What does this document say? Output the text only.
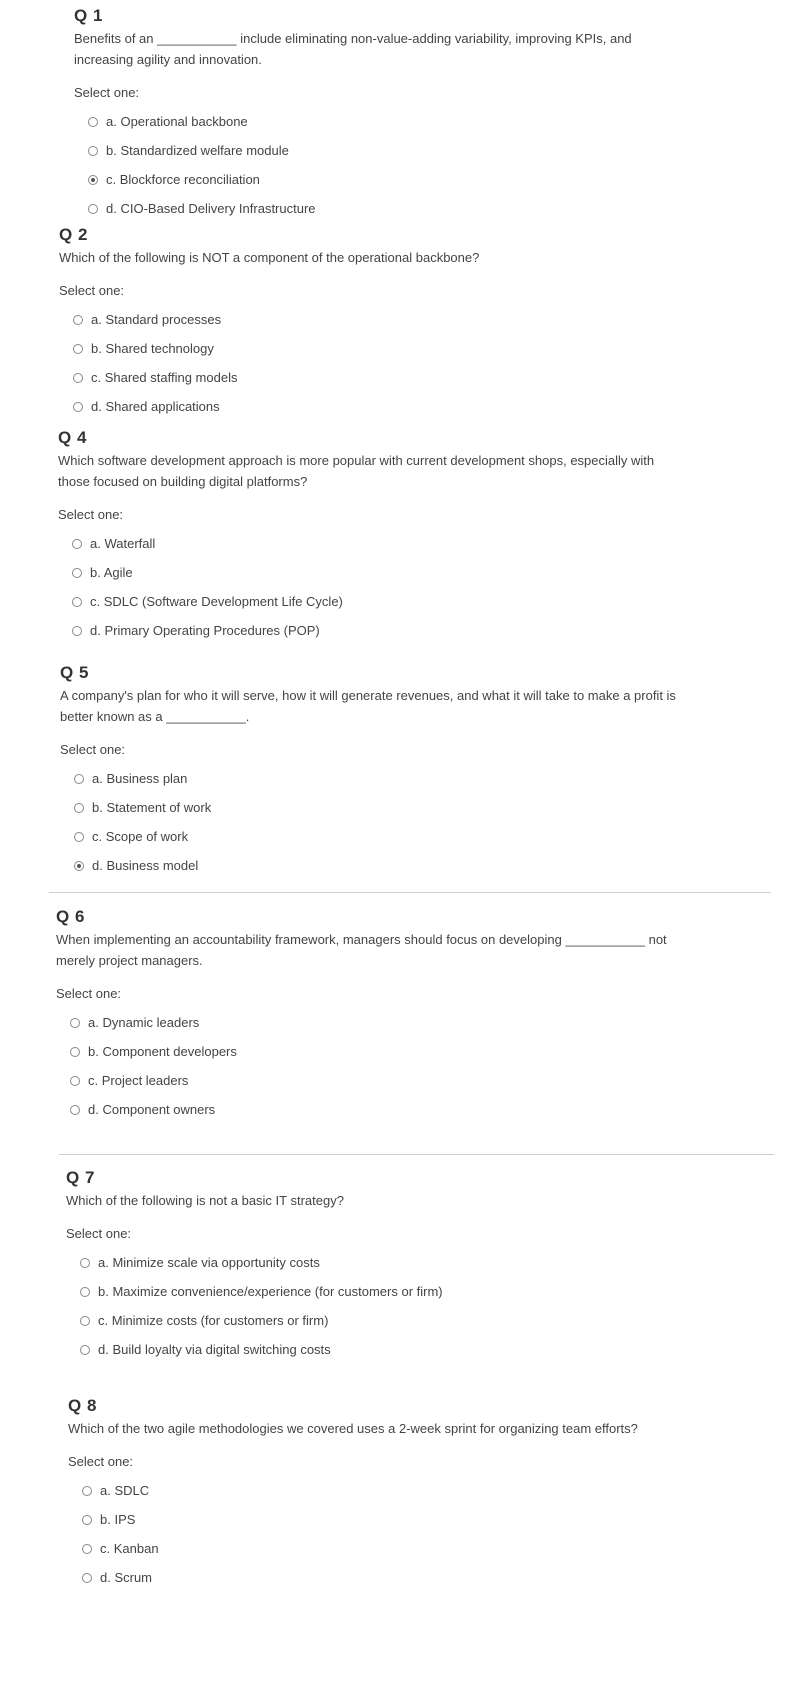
Q 1

Benefits of an ___________ include eliminating non-value-adding variability, improving KPIs, and increasing agility and innovation.

Select one:
a. Operational backbone
b. Standardized welfare module
c. Blockforce reconciliation
d. CIO-Based Delivery Infrastructure
Q 2

Which of the following is NOT a component of the operational backbone?

Select one:
a. Standard processes
b. Shared technology
c. Shared staffing models
d. Shared applications
Q 4

Which software development approach is more popular with current development shops, especially with those focused on building digital platforms?

Select one:
a. Waterfall
b. Agile
c. SDLC (Software Development Life Cycle)
d. Primary Operating Procedures (POP)
Q 5

A company's plan for who it will serve, how it will generate revenues, and what it will take to make a profit is better known as a ___________.

Select one:
a. Business plan
b. Statement of work
c. Scope of work
d. Business model
Q 6

When implementing an accountability framework, managers should focus on developing ___________ not merely project managers.

Select one:
a. Dynamic leaders
b. Component developers
c. Project leaders
d. Component owners
Q 7

Which of the following is not a basic IT strategy?

Select one:
a. Minimize scale via opportunity costs
b. Maximize convenience/experience (for customers or firm)
c. Minimize costs (for customers or firm)
d. Build loyalty via digital switching costs
Q 8

Which of the two agile methodologies we covered uses a 2-week sprint for organizing team efforts?

Select one:
a. SDLC
b. IPS
c. Kanban
d. Scrum
